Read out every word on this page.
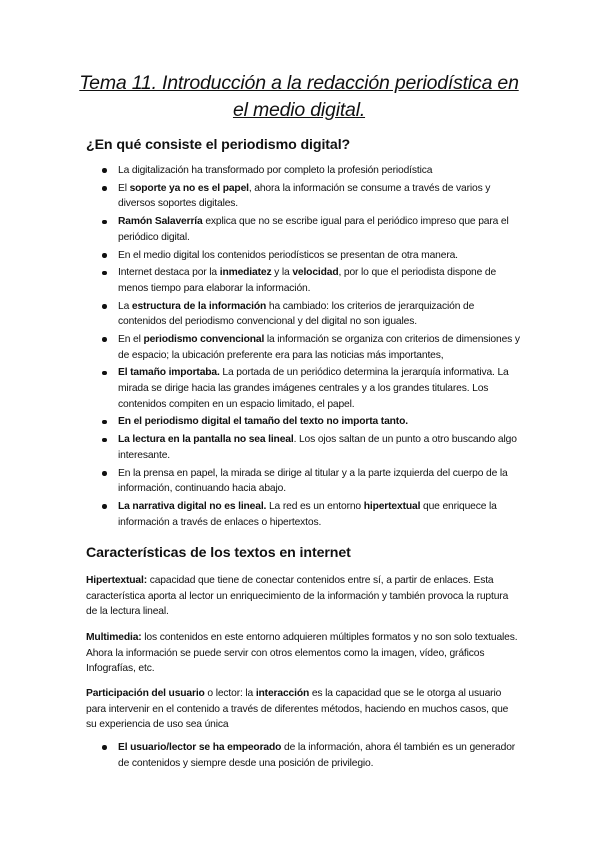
Tema 11. Introducción a la redacción periodística en
el medio digital.
¿En qué consiste el periodismo digital?
La digitalización ha transformado por completo la profesión periodística
El soporte ya no es el papel, ahora la información se consume a través de varios y diversos soportes digitales.
Ramón Salaverría explica que no se escribe igual para el periódico impreso que para el periódico digital.
En el medio digital los contenidos periodísticos se presentan de otra manera.
Internet destaca por la inmediatez y la velocidad, por lo que el periodista dispone de menos tiempo para elaborar la información.
La estructura de la información ha cambiado: los criterios de jerarquización de contenidos del periodismo convencional y del digital no son iguales.
En el periodismo convencional la información se organiza con criterios de dimensiones y de espacio; la ubicación preferente era para las noticias más importantes,
El tamaño importaba. La portada de un periódico determina la jerarquía informativa. La mirada se dirige hacia las grandes imágenes centrales y a los grandes titulares. Los contenidos compiten en un espacio limitado, el papel.
En el periodismo digital el tamaño del texto no importa tanto.
La lectura en la pantalla no sea lineal. Los ojos saltan de un punto a otro buscando algo interesante.
En la prensa en papel, la mirada se dirige al titular y a la parte izquierda del cuerpo de la información, continuando hacia abajo.
La narrativa digital no es lineal. La red es un entorno hipertextual que enriquece la información a través de enlaces o hipertextos.
Características de los textos en internet

Hipertextual: capacidad que tiene de conectar contenidos entre sí, a partir de enlaces. Esta característica aporta al lector un enriquecimiento de la información y también provoca la ruptura de la lectura lineal.

Multimedia: los contenidos en este entorno adquieren múltiples formatos y no son solo textuales. Ahora la información se puede servir con otros elementos como la imagen, vídeo, gráficos Infografías, etc.

Participación del usuario o lector: la interacción es la capacidad que se le otorga al usuario para intervenir en el contenido a través de diferentes métodos, haciendo en muchos casos, que su experiencia de uso sea única

El usuario/lector se ha empeorado de la información, ahora él también es un generador de contenidos y siempre desde una posición de privilegio.
